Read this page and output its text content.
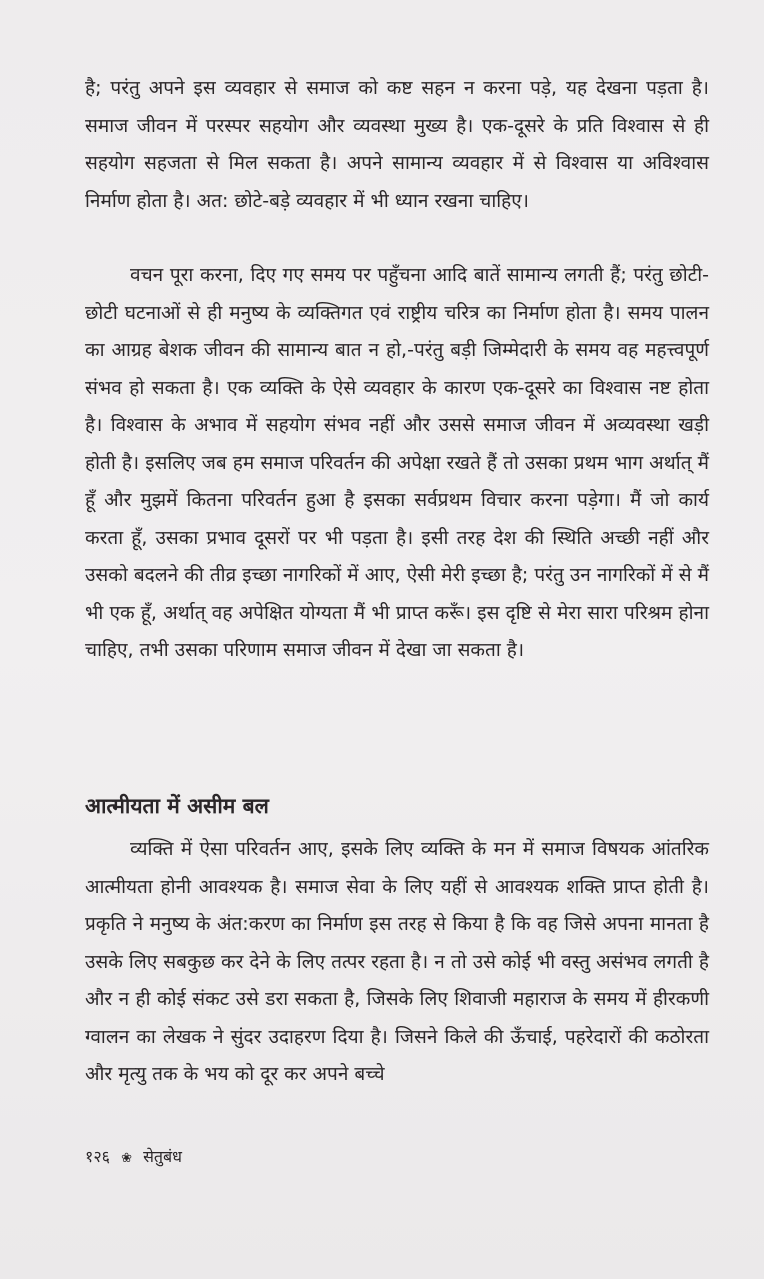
है; परंतु अपने इस व्यवहार से समाज को कष्ट सहन न करना पड़े, यह देखना पड़ता है। समाज जीवन में परस्पर सहयोग और व्यवस्था मुख्य है। एक-दूसरे के प्रति विश्वास से ही सहयोग सहजता से मिल सकता है। अपने सामान्य व्यवहार में से विश्वास या अविश्वास निर्माण होता है। अत: छोटे-बड़े व्यवहार में भी ध्यान रखना चाहिए।

वचन पूरा करना, दिए गए समय पर पहुँचना आदि बातें सामान्य लगती हैं; परंतु छोटी-छोटी घटनाओं से ही मनुष्य के व्यक्तिगत एवं राष्ट्रीय चरित्र का निर्माण होता है। समय पालन का आग्रह बेशक जीवन की सामान्य बात न हो,-परंतु बड़ी जिम्मेदारी के समय वह महत्त्वपूर्ण संभव हो सकता है। एक व्यक्ति के ऐसे व्यवहार के कारण एक-दूसरे का विश्वास नष्ट होता है। विश्वास के अभाव में सहयोग संभव नहीं और उससे समाज जीवन में अव्यवस्था खड़ी होती है। इसलिए जब हम समाज परिवर्तन की अपेक्षा रखते हैं तो उसका प्रथम भाग अर्थात् मैं हूँ और मुझमें कितना परिवर्तन हुआ है इसका सर्वप्रथम विचार करना पड़ेगा। मैं जो कार्य करता हूँ, उसका प्रभाव दूसरों पर भी पड़ता है। इसी तरह देश की स्थिति अच्छी नहीं और उसको बदलने की तीव्र इच्छा नागरिकों में आए, ऐसी मेरी इच्छा है; परंतु उन नागरिकों में से मैं भी एक हूँ, अर्थात् वह अपेक्षित योग्यता मैं भी प्राप्त करूँ। इस दृष्टि से मेरा सारा परिश्रम होना चाहिए, तभी उसका परिणाम समाज जीवन में देखा जा सकता है।

आत्मीयता में असीम बल

व्यक्ति में ऐसा परिवर्तन आए, इसके लिए व्यक्ति के मन में समाज विषयक आंतरिक आत्मीयता होनी आवश्यक है। समाज सेवा के लिए यहीं से आवश्यक शक्ति प्राप्त होती है। प्रकृति ने मनुष्य के अंत:करण का निर्माण इस तरह से किया है कि वह जिसे अपना मानता है उसके लिए सबकुछ कर देने के लिए तत्पर रहता है। न तो उसे कोई भी वस्तु असंभव लगती है और न ही कोई संकट उसे डरा सकता है, जिसके लिए शिवाजी महाराज के समय में हीरकणी ग्वालन का लेखक ने सुंदर उदाहरण दिया है। जिसने किले की ऊँचाई, पहरेदारों की कठोरता और मृत्यु तक के भय को दूर कर अपने बच्चे

१२६ ❀ सेतुबंध
